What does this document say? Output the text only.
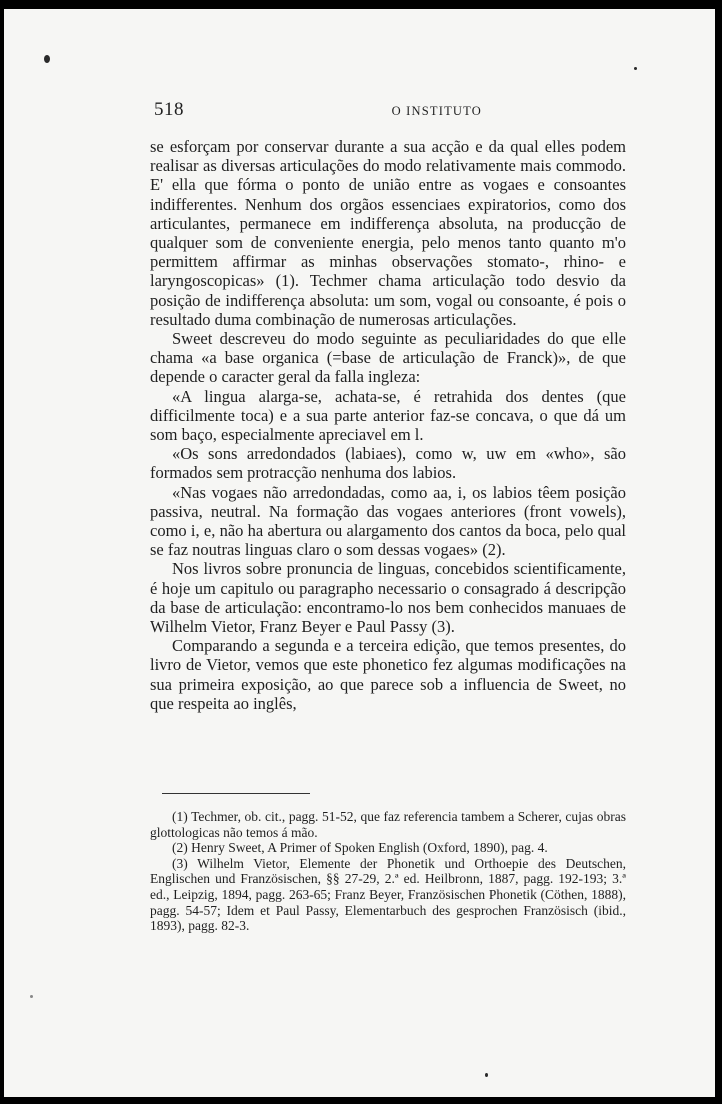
518	O INSTITUTO

se esforçam por conservar durante a sua acção e da qual elles podem realisar as diversas articulações do modo relativamente mais commodo. E' ella que fórma o ponto de união entre as vogaes e consoantes indifferentes. Nenhum dos orgãos essenciaes expiratorios, como dos articulantes, permanece em indifferença absoluta, na producção de qualquer som de conveniente energia, pelo menos tanto quanto m'o permittem affirmar as minhas observações stomato-, rhino- e laryngoscopicas» (1). Techmer chama articulação todo desvio da posição de indifferença absoluta: um som, vogal ou consoante, é pois o resultado duma combinação de numerosas articulações.

Sweet descreveu do modo seguinte as peculiaridades do que elle chama «a base organica (=base de articulação de Franck)», de que depende o caracter geral da falla ingleza:

«A lingua alarga-se, achata-se, é retrahida dos dentes (que difficilmente toca) e a sua parte anterior faz-se concava, o que dá um som baço, especialmente apreciavel em l.

«Os sons arredondados (labiaes), como w, uw em «who», são formados sem protracção nenhuma dos labios.

«Nas vogaes não arredondadas, como aa, i, os labios têem posição passiva, neutral. Na formação das vogaes anteriores (front vowels), como i, e, não ha abertura ou alargamento dos cantos da boca, pelo qual se faz noutras linguas claro o som dessas vogaes» (2).

Nos livros sobre pronuncia de linguas, concebidos scientificamente, é hoje um capitulo ou paragrapho necessario o consagrado á descripção da base de articulação: encontramo-lo nos bem conhecidos manuaes de Wilhelm Vietor, Franz Beyer e Paul Passy (3).

Comparando a segunda e a terceira edição, que temos presentes, do livro de Vietor, vemos que este phonetico fez algumas modificações na sua primeira exposição, ao que parece sob a influencia de Sweet, no que respeita ao inglês,

(1) Techmer, ob. cit., pagg. 51-52, que faz referencia tambem a Scherer, cujas obras glottologicas não temos á mão.

(2) Henry Sweet, A Primer of Spoken English (Oxford, 1890), pag. 4.

(3) Wilhelm Vietor, Elemente der Phonetik und Orthoepie des Deutschen, Englischen und Französischen, §§ 27-29, 2.ª ed. Heilbronn, 1887, pagg. 192-193; 3.ª ed., Leipzig, 1894, pagg. 263-65; Franz Beyer, Französischen Phonetik (Cöthen, 1888), pagg. 54-57; Idem et Paul Passy, Elementarbuch des gesprochen Französisch (ibid., 1893), pagg. 82-3.
